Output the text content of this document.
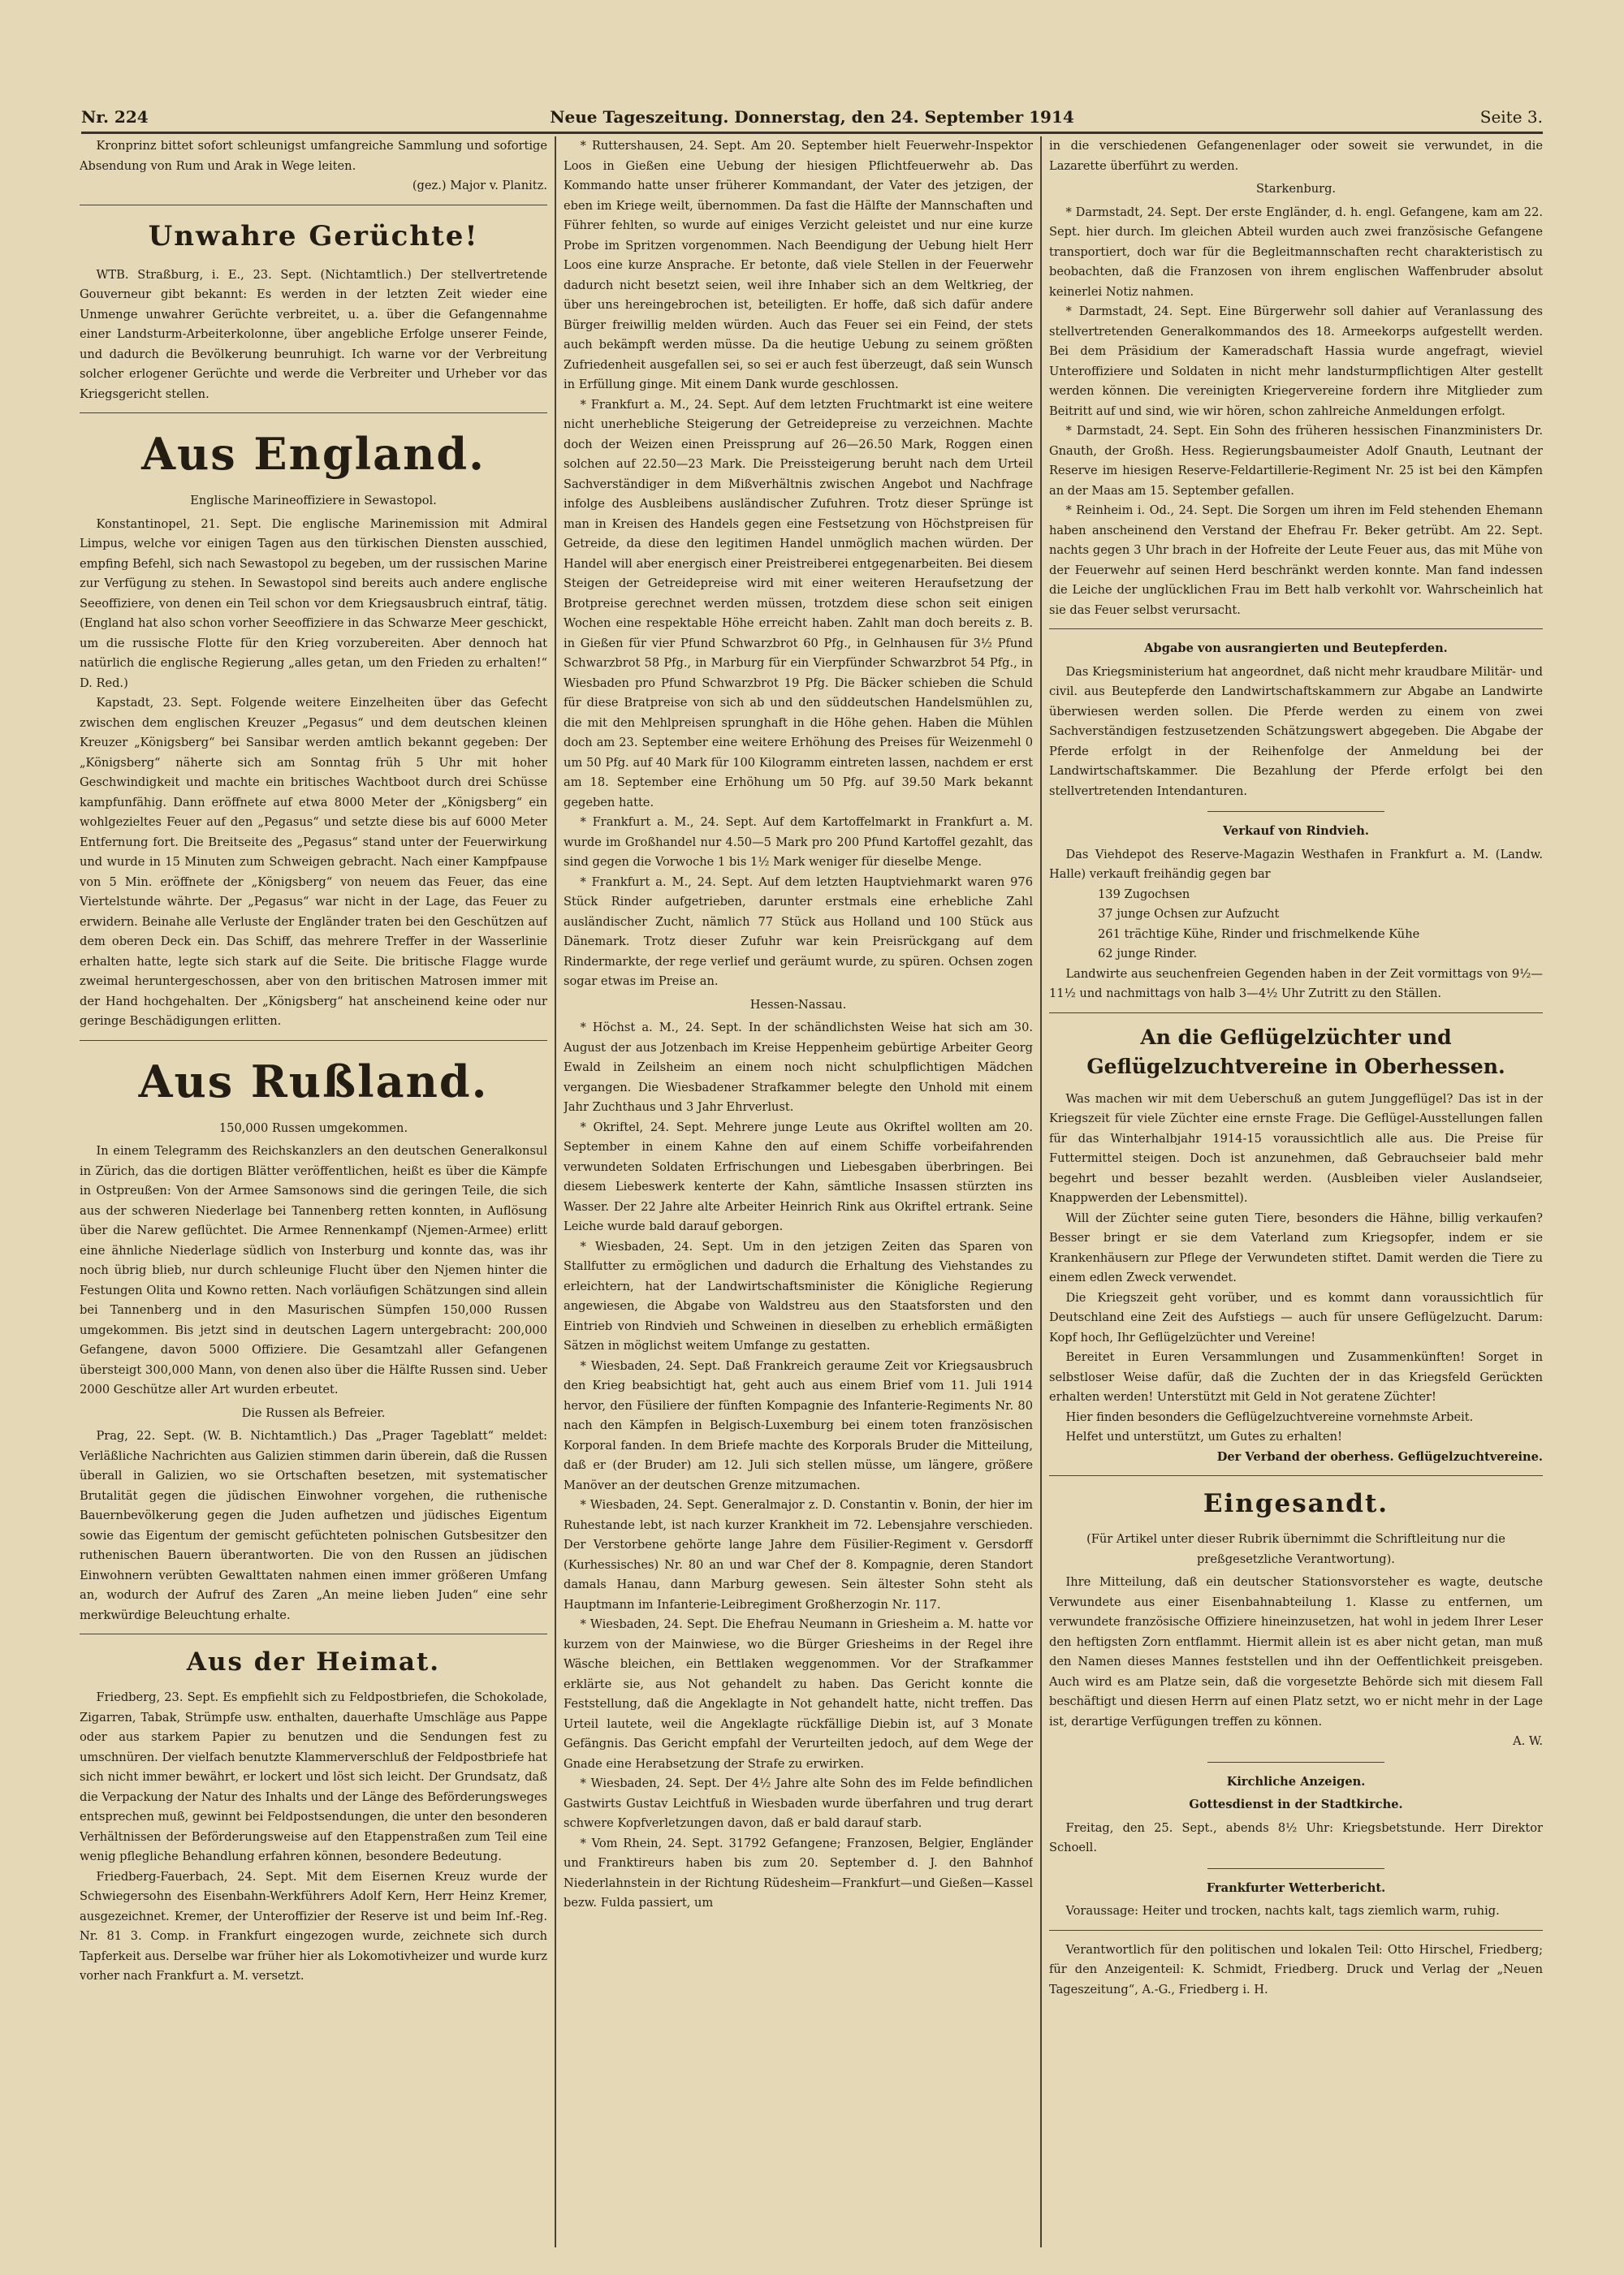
Nr. 224	Neue Tageszeitung. Donnerstag, den 24. September 1914	Seite 3.

Kronprinz bittet sofort schleunigst umfangreiche Sammlung und sofortige Absendung von Rum und Arak in Wege leiten.

(gez.) Major v. Planitz.

Unwahre Gerüchte!

WTB. Straßburg, i. E., 23. Sept. (Nichtamtlich.) Der stellvertretende Gouverneur gibt bekannt: Es werden in der letzten Zeit wieder eine Unmenge unwahrer Gerüchte verbreitet, u. a. über die Gefangennahme einer Landsturm-Arbeiterkolonne, über angebliche Erfolge unserer Feinde, und dadurch die Bevölkerung beunruhigt. Ich warne vor der Verbreitung solcher erlogener Gerüchte und werde die Verbreiter und Urheber vor das Kriegsgericht stellen.

Aus England.

Englische Marineoffiziere in Sewastopol.

Konstantinopel, 21. Sept. Die englische Marinemission mit Admiral Limpus, welche vor einigen Tagen aus den türkischen Diensten ausschied, empfing Befehl, sich nach Sewastopol zu begeben, um der russischen Marine zur Verfügung zu stehen. In Sewastopol sind bereits auch andere englische Seeoffiziere, von denen ein Teil schon vor dem Kriegsausbruch eintraf, tätig. (England hat also schon vorher Seeoffiziere in das Schwarze Meer geschickt, um die russische Flotte für den Krieg vorzubereiten. Aber dennoch hat natürlich die englische Regierung „alles getan, um den Frieden zu erhalten!“ D. Red.)

Kapstadt, 23. Sept. Folgende weitere Einzelheiten über das Gefecht zwischen dem englischen Kreuzer „Pegasus“ und dem deutschen kleinen Kreuzer „Königsberg“ bei Sansibar werden amtlich bekannt gegeben: Der „Königsberg“ näherte sich am Sonntag früh 5 Uhr mit hoher Geschwindigkeit und machte ein britisches Wachtboot durch drei Schüsse kampfunfähig. Dann eröffnete auf etwa 8000 Meter der „Königsberg“ ein wohlgezieltes Feuer auf den „Pegasus“ und setzte diese bis auf 6000 Meter Entfernung fort. Die Breitseite des „Pegasus“ stand unter der Feuerwirkung und wurde in 15 Minuten zum Schweigen gebracht. Nach einer Kampfpause von 5 Min. eröffnete der „Königsberg“ von neuem das Feuer, das eine Viertelstunde währte. Der „Pegasus“ war nicht in der Lage, das Feuer zu erwidern. Beinahe alle Verluste der Engländer traten bei den Geschützen auf dem oberen Deck ein. Das Schiff, das mehrere Treffer in der Wasserlinie erhalten hatte, legte sich stark auf die Seite. Die britische Flagge wurde zweimal heruntergeschossen, aber von den britischen Matrosen immer mit der Hand hochgehalten. Der „Königsberg“ hat anscheinend keine oder nur geringe Beschädigungen erlitten.

Aus Rußland.

150,000 Russen umgekommen.

In einem Telegramm des Reichskanzlers an den deutschen Generalkonsul in Zürich, das die dortigen Blätter veröffentlichen, heißt es über die Kämpfe in Ostpreußen: Von der Armee Samsonows sind die geringen Teile, die sich aus der schweren Niederlage bei Tannenberg retten konnten, in Auflösung über die Narew geflüchtet. Die Armee Rennenkampf (Njemen-Armee) erlitt eine ähnliche Niederlage südlich von Insterburg und konnte das, was ihr noch übrig blieb, nur durch schleunige Flucht über den Njemen hinter die Festungen Olita und Kowno retten. Nach vorläufigen Schätzungen sind allein bei Tannenberg und in den Masurischen Sümpfen 150,000 Russen umgekommen. Bis jetzt sind in deutschen Lagern untergebracht: 200,000 Gefangene, davon 5000 Offiziere. Die Gesamtzahl aller Gefangenen übersteigt 300,000 Mann, von denen also über die Hälfte Russen sind. Ueber 2000 Geschütze aller Art wurden erbeutet.

Die Russen als Befreier.

Prag, 22. Sept. (W. B. Nichtamtlich.) Das „Prager Tageblatt“ meldet: Verläßliche Nachrichten aus Galizien stimmen darin überein, daß die Russen überall in Galizien, wo sie Ortschaften besetzen, mit systematischer Brutalität gegen die jüdischen Einwohner vorgehen, die ruthenische Bauernbevölkerung gegen die Juden aufhetzen und jüdisches Eigentum sowie das Eigentum der gemischt gefüchteten polnischen Gutsbesitzer den ruthenischen Bauern überantworten. Die von den Russen an jüdischen Einwohnern verübten Gewalttaten nahmen einen immer größeren Umfang an, wodurch der Aufruf des Zaren „An meine lieben Juden“ eine sehr merkwürdige Beleuchtung erhalte.

Aus der Heimat.

Friedberg, 23. Sept. Es empfiehlt sich zu Feldpostbriefen, die Schokolade, Zigarren, Tabak, Strümpfe usw. enthalten, dauerhafte Umschläge aus Pappe oder aus starkem Papier zu benutzen und die Sendungen fest zu umschnüren. Der vielfach benutzte Klammerverschluß der Feldpostbriefe hat sich nicht immer bewährt, er lockert und löst sich leicht. Der Grundsatz, daß die Verpackung der Natur des Inhalts und der Länge des Beförderungsweges entsprechen muß, gewinnt bei Feldpostsendungen, die unter den besonderen Verhältnissen der Beförderungsweise auf den Etappenstraßen zum Teil eine wenig pflegliche Behandlung erfahren können, besondere Bedeutung.

Friedberg-Fauerbach, 24. Sept. Mit dem Eisernen Kreuz wurde der Schwiegersohn des Eisenbahn-Werkführers Adolf Kern, Herr Heinz Kremer, ausgezeichnet. Kremer, der Unteroffizier der Reserve ist und beim Inf.-Reg. Nr. 81 3. Comp. in Frankfurt eingezogen wurde, zeichnete sich durch Tapferkeit aus. Derselbe war früher hier als Lokomotivheizer und wurde kurz vorher nach Frankfurt a. M. versetzt.

* Ruttershausen, 24. Sept. Am 20. September hielt Feuerwehr-Inspektor Loos in Gießen eine Uebung der hiesigen Pflichtfeuerwehr ab. Das Kommando hatte unser früherer Kommandant, der Vater des jetzigen, der eben im Kriege weilt, übernommen. Da fast die Hälfte der Mannschaften und Führer fehlten, so wurde auf einiges Verzicht geleistet und nur eine kurze Probe im Spritzen vorgenommen. Nach Beendigung der Uebung hielt Herr Loos eine kurze Ansprache. Er betonte, daß viele Stellen in der Feuerwehr dadurch nicht besetzt seien, weil ihre Inhaber sich an dem Weltkrieg, der über uns hereingebrochen ist, beteiligten. Er hoffe, daß sich dafür andere Bürger freiwillig melden würden. Auch das Feuer sei ein Feind, der stets auch bekämpft werden müsse. Da die heutige Uebung zu seinem größten Zufriedenheit ausgefallen sei, so sei er auch fest überzeugt, daß sein Wunsch in Erfüllung ginge. Mit einem Dank wurde geschlossen.

* Frankfurt a. M., 24. Sept. Auf dem letzten Fruchtmarkt ist eine weitere nicht unerhebliche Steigerung der Getreidepreise zu verzeichnen. Machte doch der Weizen einen Preissprung auf 26—26.50 Mark, Roggen einen solchen auf 22.50—23 Mark. Die Preissteigerung beruht nach dem Urteil Sachverständiger in dem Mißverhältnis zwischen Angebot und Nachfrage infolge des Ausbleibens ausländischer Zufuhren. Trotz dieser Sprünge ist man in Kreisen des Handels gegen eine Festsetzung von Höchstpreisen für Getreide, da diese den legitimen Handel unmöglich machen würden. Der Handel will aber energisch einer Preistreiberei entgegenarbeiten. Bei diesem Steigen der Getreidepreise wird mit einer weiteren Heraufsetzung der Brotpreise gerechnet werden müssen, trotzdem diese schon seit einigen Wochen eine respektable Höhe erreicht haben. Zahlt man doch bereits z. B. in Gießen für vier Pfund Schwarzbrot 60 Pfg., in Gelnhausen für 3½ Pfund Schwarzbrot 58 Pfg., in Marburg für ein Vierpfünder Schwarzbrot 54 Pfg., in Wiesbaden pro Pfund Schwarzbrot 19 Pfg. Die Bäcker schieben die Schuld für diese Bratpreise von sich ab und den süddeutschen Handelsmühlen zu, die mit den Mehlpreisen sprunghaft in die Höhe gehen. Haben die Mühlen doch am 23. September eine weitere Erhöhung des Preises für Weizenmehl 0 um 50 Pfg. auf 40 Mark für 100 Kilogramm eintreten lassen, nachdem er erst am 18. September eine Erhöhung um 50 Pfg. auf 39.50 Mark bekannt gegeben hatte.

* Frankfurt a. M., 24. Sept. Auf dem Kartoffelmarkt in Frankfurt a. M. wurde im Großhandel nur 4.50—5 Mark pro 200 Pfund Kartoffel gezahlt, das sind gegen die Vorwoche 1 bis 1½ Mark weniger für dieselbe Menge.

* Frankfurt a. M., 24. Sept. Auf dem letzten Hauptviehmarkt waren 976 Stück Rinder aufgetrieben, darunter erstmals eine erhebliche Zahl ausländischer Zucht, nämlich 77 Stück aus Holland und 100 Stück aus Dänemark. Trotz dieser Zufuhr war kein Preisrückgang auf dem Rindermarkte, der rege verlief und geräumt wurde, zu spüren. Ochsen zogen sogar etwas im Preise an.

Hessen-Nassau.

* Höchst a. M., 24. Sept. In der schändlichsten Weise hat sich am 30. August der aus Jotzenbach im Kreise Heppenheim gebürtige Arbeiter Georg Ewald in Zeilsheim an einem noch nicht schulpflichtigen Mädchen vergangen. Die Wiesbadener Strafkammer belegte den Unhold mit einem Jahr Zuchthaus und 3 Jahr Ehrverlust.

* Okriftel, 24. Sept. Mehrere junge Leute aus Okriftel wollten am 20. September in einem Kahne den auf einem Schiffe vorbeifahrenden verwundeten Soldaten Erfrischungen und Liebesgaben überbringen. Bei diesem Liebeswerk kenterte der Kahn, sämtliche Insassen stürzten ins Wasser. Der 22 Jahre alte Arbeiter Heinrich Rink aus Okriftel ertrank. Seine Leiche wurde bald darauf geborgen.

* Wiesbaden, 24. Sept. Um in den jetzigen Zeiten das Sparen von Stallfutter zu ermöglichen und dadurch die Erhaltung des Viehstandes zu erleichtern, hat der Landwirtschaftsminister die Königliche Regierung angewiesen, die Abgabe von Waldstreu aus den Staatsforsten und den Eintrieb von Rindvieh und Schweinen in dieselben zu erheblich ermäßigten Sätzen in möglichst weitem Umfange zu gestatten.

* Wiesbaden, 24. Sept. Daß Frankreich geraume Zeit vor Kriegsausbruch den Krieg beabsichtigt hat, geht auch aus einem Brief vom 11. Juli 1914 hervor, den Füsiliere der fünften Kompagnie des Infanterie-Regiments Nr. 80 nach den Kämpfen in Belgisch-Luxemburg bei einem toten französischen Korporal fanden. In dem Briefe machte des Korporals Bruder die Mitteilung, daß er (der Bruder) am 12. Juli sich stellen müsse, um längere, größere Manöver an der deutschen Grenze mitzumachen.

* Wiesbaden, 24. Sept. Generalmajor z. D. Constantin v. Bonin, der hier im Ruhestande lebt, ist nach kurzer Krankheit im 72. Lebensjahre verschieden. Der Verstorbene gehörte lange Jahre dem Füsilier-Regiment v. Gersdorff (Kurhessisches) Nr. 80 an und war Chef der 8. Kompagnie, deren Standort damals Hanau, dann Marburg gewesen. Sein ältester Sohn steht als Hauptmann im Infanterie-Leibregiment Großherzogin Nr. 117.

* Wiesbaden, 24. Sept. Die Ehefrau Neumann in Griesheim a. M. hatte vor kurzem von der Mainwiese, wo die Bürger Griesheims in der Regel ihre Wäsche bleichen, ein Bettlaken weggenommen. Vor der Strafkammer erklärte sie, aus Not gehandelt zu haben. Das Gericht konnte die Feststellung, daß die Angeklagte in Not gehandelt hatte, nicht treffen. Das Urteil lautete, weil die Angeklagte rückfällige Diebin ist, auf 3 Monate Gefängnis. Das Gericht empfahl der Verurteilten jedoch, auf dem Wege der Gnade eine Herabsetzung der Strafe zu erwirken.

* Wiesbaden, 24. Sept. Der 4½ Jahre alte Sohn des im Felde befindlichen Gastwirts Gustav Leichtfuß in Wiesbaden wurde überfahren und trug derart schwere Kopfverletzungen davon, daß er bald darauf starb.

* Vom Rhein, 24. Sept. 31792 Gefangene; Franzosen, Belgier, Engländer und Franktireurs haben bis zum 20. September d. J. den Bahnhof Niederlahnstein in der Richtung Rüdesheim—Frankfurt—und Gießen—Kassel bezw. Fulda passiert, um

in die verschiedenen Gefangenenlager oder soweit sie verwundet, in die Lazarette überführt zu werden.

Starkenburg.

* Darmstadt, 24. Sept. Der erste Engländer, d. h. engl. Gefangene, kam am 22. Sept. hier durch. Im gleichen Abteil wurden auch zwei französische Gefangene transportiert, doch war für die Begleitmannschaften recht charakteristisch zu beobachten, daß die Franzosen von ihrem englischen Waffenbruder absolut keinerlei Notiz nahmen.

* Darmstadt, 24. Sept. Eine Bürgerwehr soll dahier auf Veranlassung des stellvertretenden Generalkommandos des 18. Armeekorps aufgestellt werden. Bei dem Präsidium der Kameradschaft Hassia wurde angefragt, wieviel Unteroffiziere und Soldaten in nicht mehr landsturmpflichtigen Alter gestellt werden können. Die vereinigten Kriegervereine fordern ihre Mitglieder zum Beitritt auf und sind, wie wir hören, schon zahlreiche Anmeldungen erfolgt.

* Darmstadt, 24. Sept. Ein Sohn des früheren hessischen Finanzministers Dr. Gnauth, der Großh. Hess. Regierungsbaumeister Adolf Gnauth, Leutnant der Reserve im hiesigen Reserve-Feldartillerie-Regiment Nr. 25 ist bei den Kämpfen an der Maas am 15. September gefallen.

* Reinheim i. Od., 24. Sept. Die Sorgen um ihren im Feld stehenden Ehemann haben anscheinend den Verstand der Ehefrau Fr. Beker getrübt. Am 22. Sept. nachts gegen 3 Uhr brach in der Hofreite der Leute Feuer aus, das mit Mühe von der Feuerwehr auf seinen Herd beschränkt werden konnte. Man fand indessen die Leiche der unglücklichen Frau im Bett halb verkohlt vor. Wahrscheinlich hat sie das Feuer selbst verursacht.

Abgabe von ausrangierten und Beutepferden.

Das Kriegsministerium hat angeordnet, daß nicht mehr kraudbare Militär- und civil. aus Beutepferde den Landwirtschaftskammern zur Abgabe an Landwirte überwiesen werden sollen. Die Pferde werden zu einem von zwei Sachverständigen festzusetzenden Schätzungswert abgegeben. Die Abgabe der Pferde erfolgt in der Reihenfolge der Anmeldung bei der Landwirtschaftskammer. Die Bezahlung der Pferde erfolgt bei den stellvertretenden Intendanturen.

Verkauf von Rindvieh.

Das Viehdepot des Reserve-Magazin Westhafen in Frankfurt a. M. (Landw. Halle) verkauft freihändig gegen bar

139 Zugochsen

37 junge Ochsen zur Aufzucht

261 trächtige Kühe, Rinder und frischmelkende Kühe

62 junge Rinder.

Landwirte aus seuchenfreien Gegenden haben in der Zeit vormittags von 9½—11½ und nachmittags von halb 3—4½ Uhr Zutritt zu den Ställen.

An die Geflügelzüchter und Geflügelzuchtvereine in Oberhessen.

Was machen wir mit dem Ueberschuß an gutem Junggeflügel? Das ist in der Kriegszeit für viele Züchter eine ernste Frage. Die Geflügel-Ausstellungen fallen für das Winterhalbjahr 1914-15 voraussichtlich alle aus. Die Preise für Futtermittel steigen. Doch ist anzunehmen, daß Gebrauchseier bald mehr begehrt und besser bezahlt werden. (Ausbleiben vieler Auslandseier, Knappwerden der Lebensmittel).

Will der Züchter seine guten Tiere, besonders die Hähne, billig verkaufen? Besser bringt er sie dem Vaterland zum Kriegsopfer, indem er sie Krankenhäusern zur Pflege der Verwundeten stiftet. Damit werden die Tiere zu einem edlen Zweck verwendet.

Die Kriegszeit geht vorüber, und es kommt dann voraussichtlich für Deutschland eine Zeit des Aufstiegs — auch für unsere Geflügelzucht. Darum: Kopf hoch, Ihr Geflügelzüchter und Vereine!

Bereitet in Euren Versammlungen und Zusammenkünften! Sorget in selbstloser Weise dafür, daß die Zuchten der in das Kriegsfeld Gerückten erhalten werden! Unterstützt mit Geld in Not geratene Züchter!

Hier finden besonders die Geflügelzuchtvereine vornehmste Arbeit.

Helfet und unterstützt, um Gutes zu erhalten!

Der Verband der oberhess. Geflügelzuchtvereine.

Eingesandt.

(Für Artikel unter dieser Rubrik übernimmt die Schriftleitung nur die preßgesetzliche Verantwortung).

Ihre Mitteilung, daß ein deutscher Stationsvorsteher es wagte, deutsche Verwundete aus einer Eisenbahnabteilung 1. Klasse zu entfernen, um verwundete französische Offiziere hineinzusetzen, hat wohl in jedem Ihrer Leser den heftigsten Zorn entflammt. Hiermit allein ist es aber nicht getan, man muß den Namen dieses Mannes feststellen und ihn der Oeffentlichkeit preisgeben. Auch wird es am Platze sein, daß die vorgesetzte Behörde sich mit diesem Fall beschäftigt und diesen Herrn auf einen Platz setzt, wo er nicht mehr in der Lage ist, derartige Verfügungen treffen zu können.

A. W.

Kirchliche Anzeigen.

Gottesdienst in der Stadtkirche.

Freitag, den 25. Sept., abends 8½ Uhr: Kriegsbetstunde. Herr Direktor Schoell.

Frankfurter Wetterbericht.

Voraussage: Heiter und trocken, nachts kalt, tags ziemlich warm, ruhig.

Verantwortlich für den politischen und lokalen Teil: Otto Hirschel, Friedberg; für den Anzeigenteil: K. Schmidt, Friedberg. Druck und Verlag der „Neuen Tageszeitung“, A.-G., Friedberg i. H.
